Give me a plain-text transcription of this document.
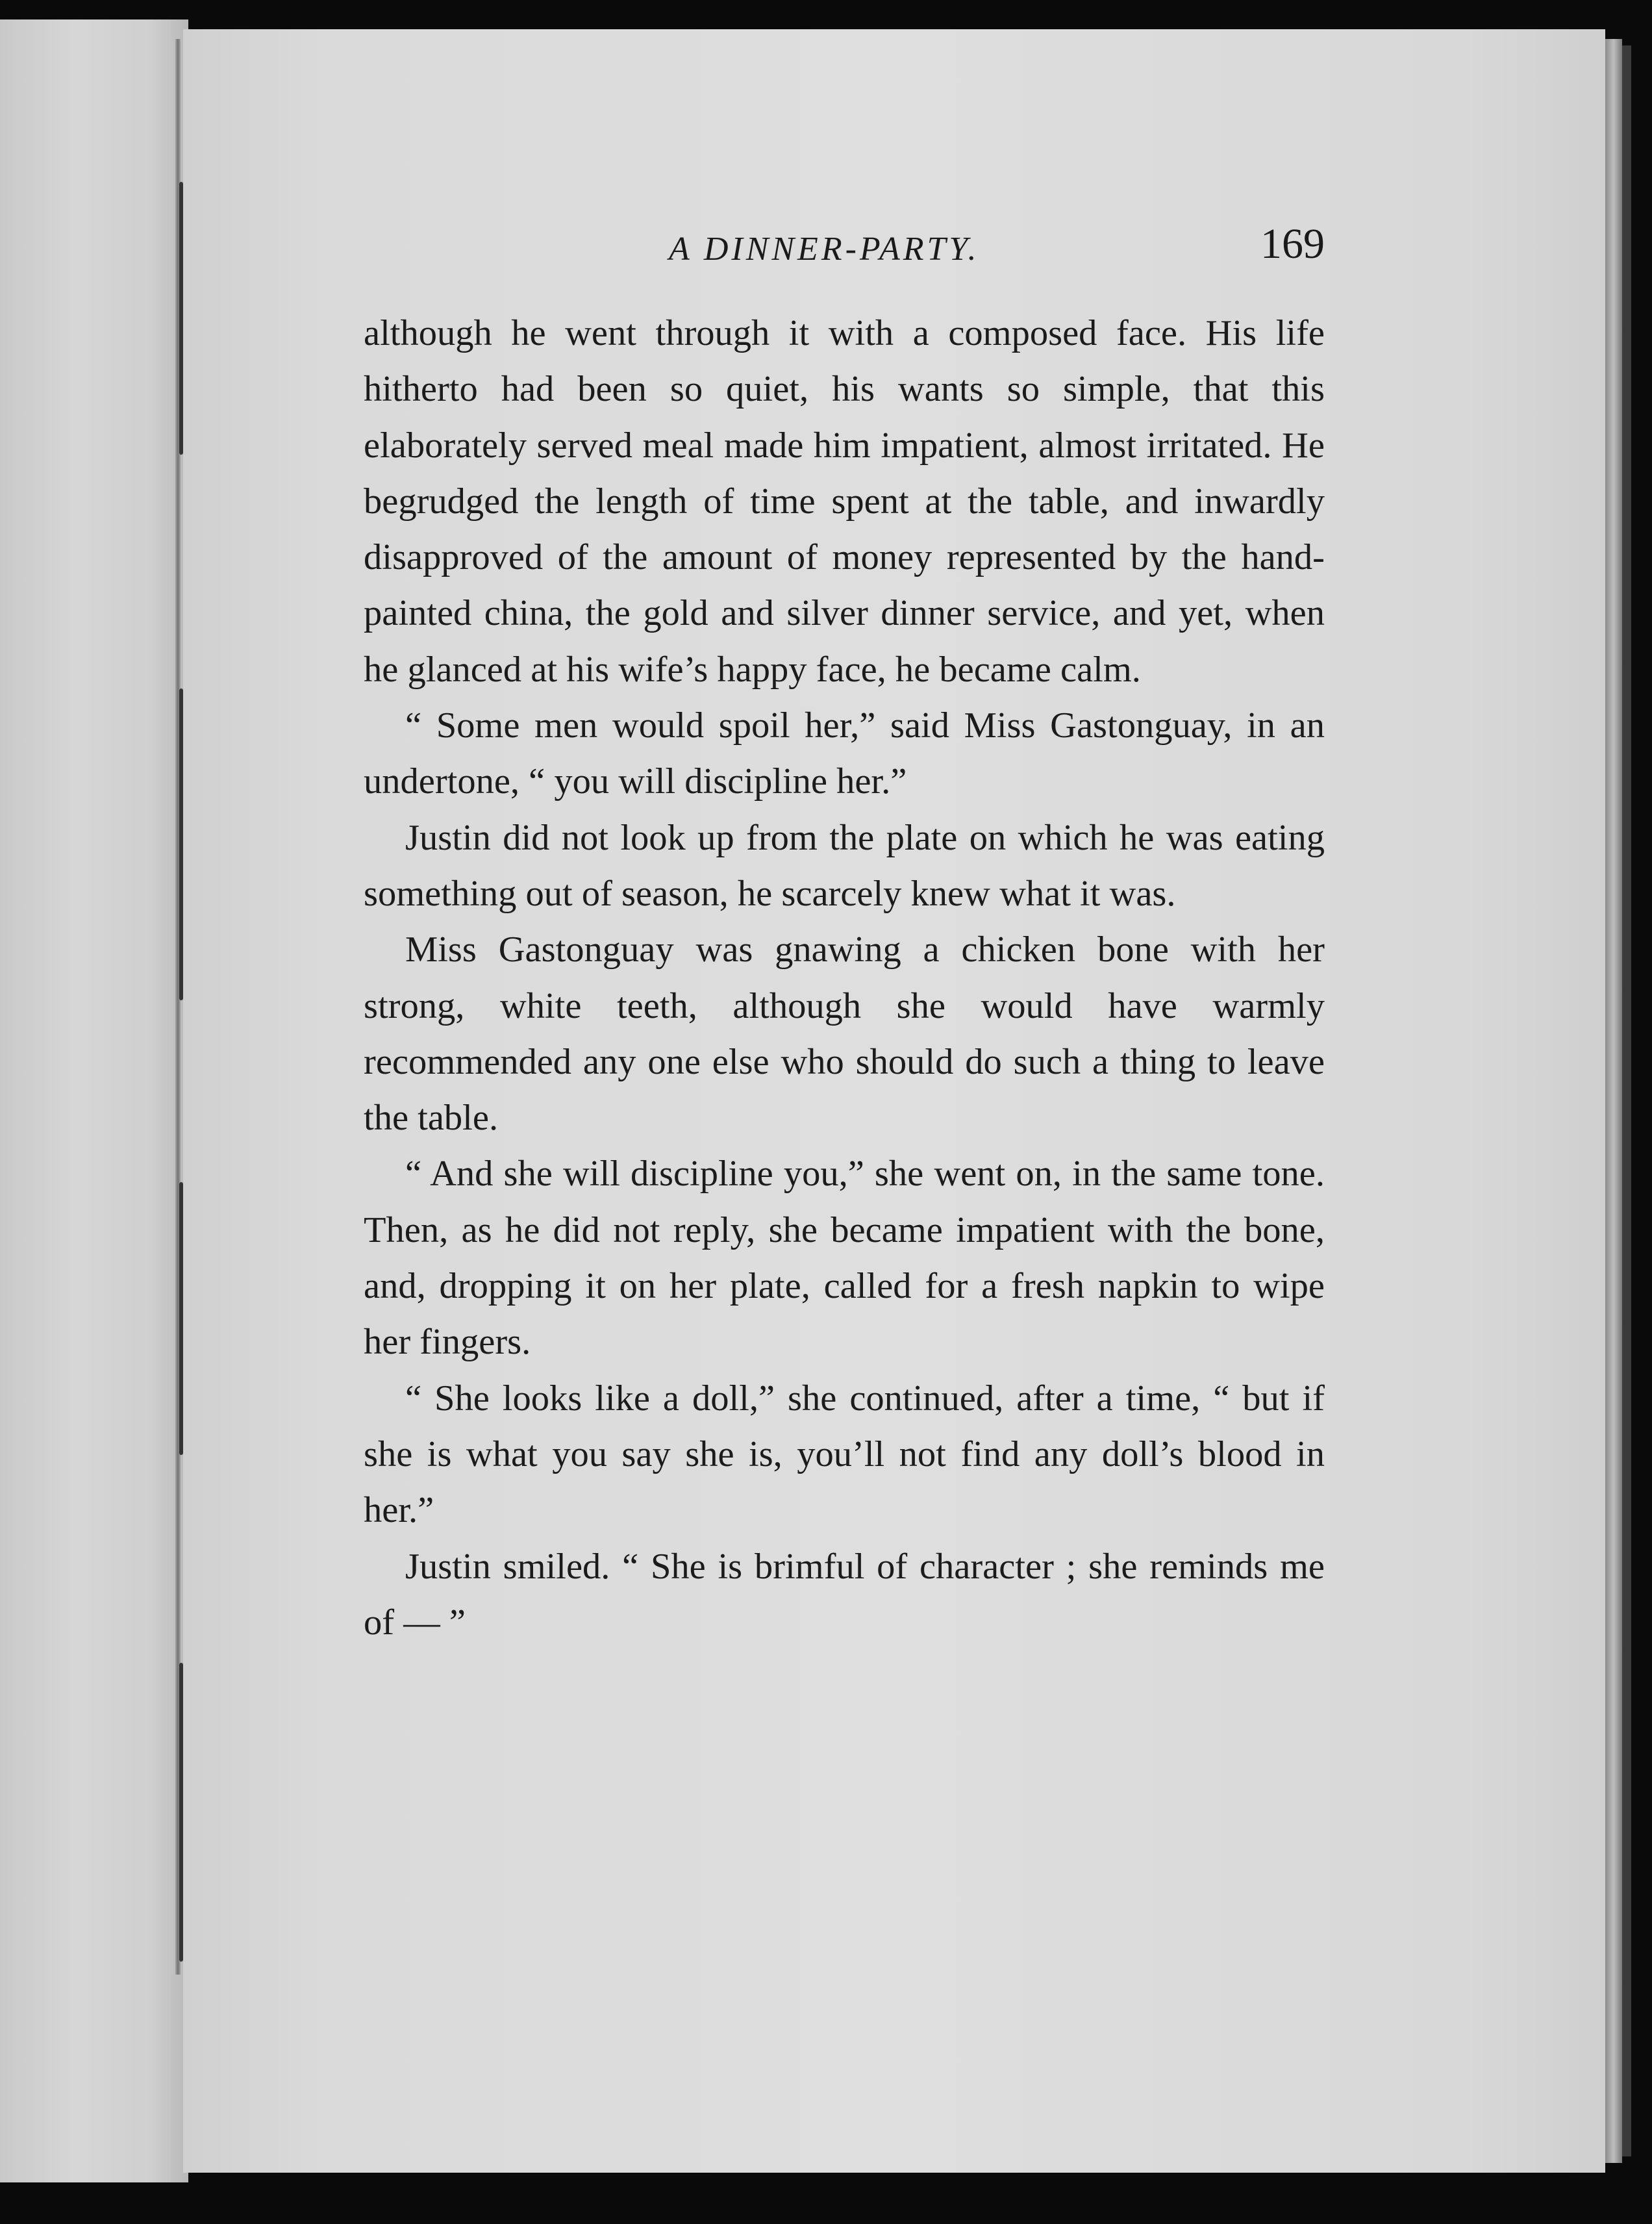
A DINNER-PARTY.	169

although he went through it with a composed face. His life hitherto had been so quiet, his wants so simple, that this elaborately served meal made him impatient, almost irritated. He begrudged the length of time spent at the table, and inwardly disapproved of the amount of money represented by the hand-painted china, the gold and silver dinner service, and yet, when he glanced at his wife’s happy face, he became calm.

“ Some men would spoil her,” said Miss Gastonguay, in an undertone, “ you will discipline her.”

Justin did not look up from the plate on which he was eating something out of season, he scarcely knew what it was.

Miss Gastonguay was gnawing a chicken bone with her strong, white teeth, although she would have warmly recommended any one else who should do such a thing to leave the table.

“ And she will discipline you,” she went on, in the same tone. Then, as he did not reply, she became impatient with the bone, and, dropping it on her plate, called for a fresh napkin to wipe her fingers.

“ She looks like a doll,” she continued, after a time, “ but if she is what you say she is, you’ll not find any doll’s blood in her.”

Justin smiled. “ She is brimful of character ; she reminds me of — ”
